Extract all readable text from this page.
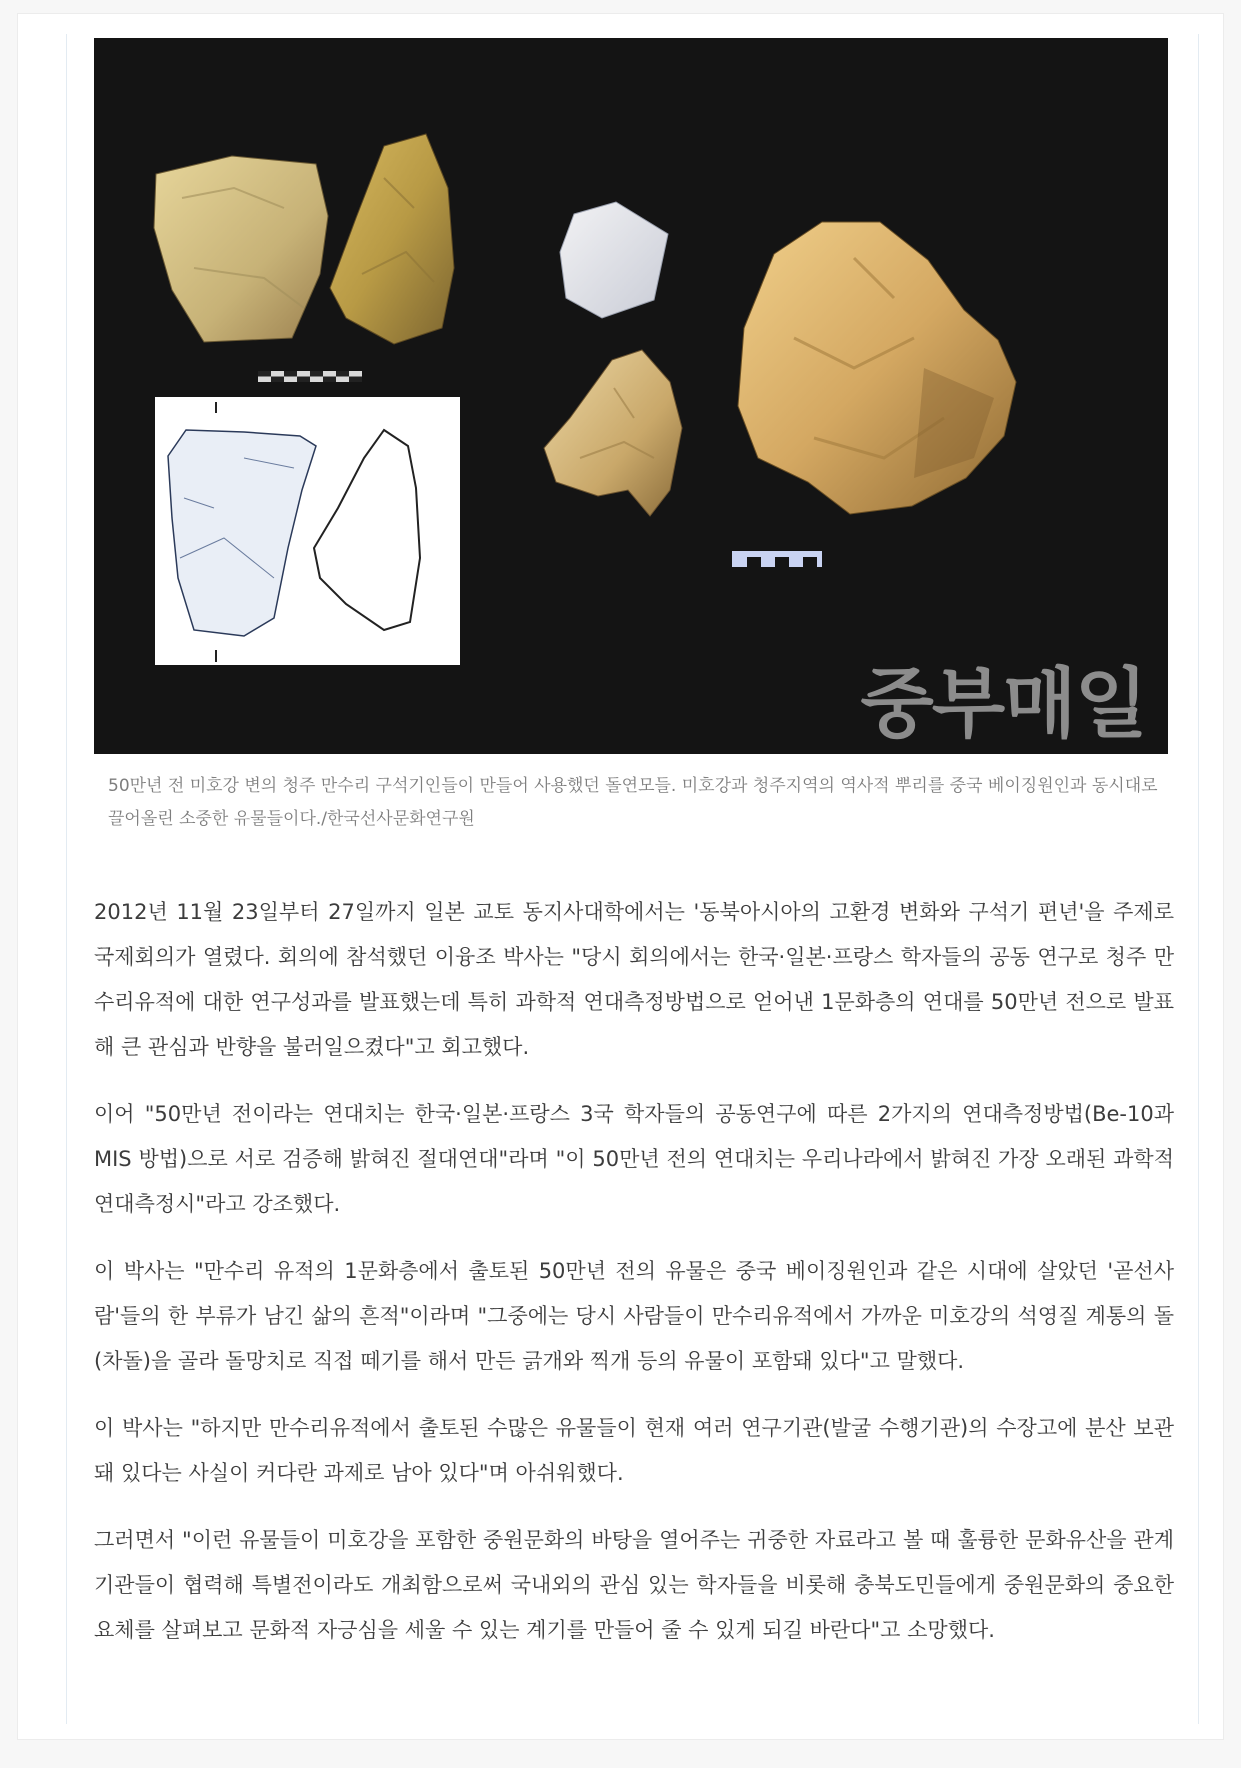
중부매일

50만년 전 미호강 변의 청주 만수리 구석기인들이 만들어 사용했던 돌연모들. 미호강과 청주지역의 역사적 뿌리를 중국 베이징원인과 동시대로 끌어올린 소중한 유물들이다./한국선사문화연구원

2012년 11월 23일부터 27일까지 일본 교토 동지사대학에서는 '동북아시아의 고환경 변화와 구석기 편년'을 주제로 국제회의가 열렸다. 회의에 참석했던 이융조 박사는 "당시 회의에서는 한국·일본·프랑스 학자들의 공동 연구로 청주 만수리유적에 대한 연구성과를 발표했는데 특히 과학적 연대측정방법으로 얻어낸 1문화층의 연대를 50만년 전으로 발표해 큰 관심과 반향을 불러일으켰다"고 회고했다.

이어 "50만년 전이라는 연대치는 한국·일본·프랑스 3국 학자들의 공동연구에 따른 2가지의 연대측정방법(Be-10과 MIS 방법)으로 서로 검증해 밝혀진 절대연대"라며 "이 50만년 전의 연대치는 우리나라에서 밝혀진 가장 오래된 과학적 연대측정시"라고 강조했다.

이 박사는 "만수리 유적의 1문화층에서 출토된 50만년 전의 유물은 중국 베이징원인과 같은 시대에 살았던 '곧선사람'들의 한 부류가 남긴 삶의 흔적"이라며 "그중에는 당시 사람들이 만수리유적에서 가까운 미호강의 석영질 계통의 돌(차돌)을 골라 돌망치로 직접 떼기를 해서 만든 긁개와 찍개 등의 유물이 포함돼 있다"고 말했다.

이 박사는 "하지만 만수리유적에서 출토된 수많은 유물들이 현재 여러 연구기관(발굴 수행기관)의 수장고에 분산 보관돼 있다는 사실이 커다란 과제로 남아 있다"며 아쉬워했다.

그러면서 "이런 유물들이 미호강을 포함한 중원문화의 바탕을 열어주는 귀중한 자료라고 볼 때 훌륭한 문화유산을 관계기관들이 협력해 특별전이라도 개최함으로써 국내외의 관심 있는 학자들을 비롯해 충북도민들에게 중원문화의 중요한 요체를 살펴보고 문화적 자긍심을 세울 수 있는 계기를 만들어 줄 수 있게 되길 바란다"고 소망했다.
